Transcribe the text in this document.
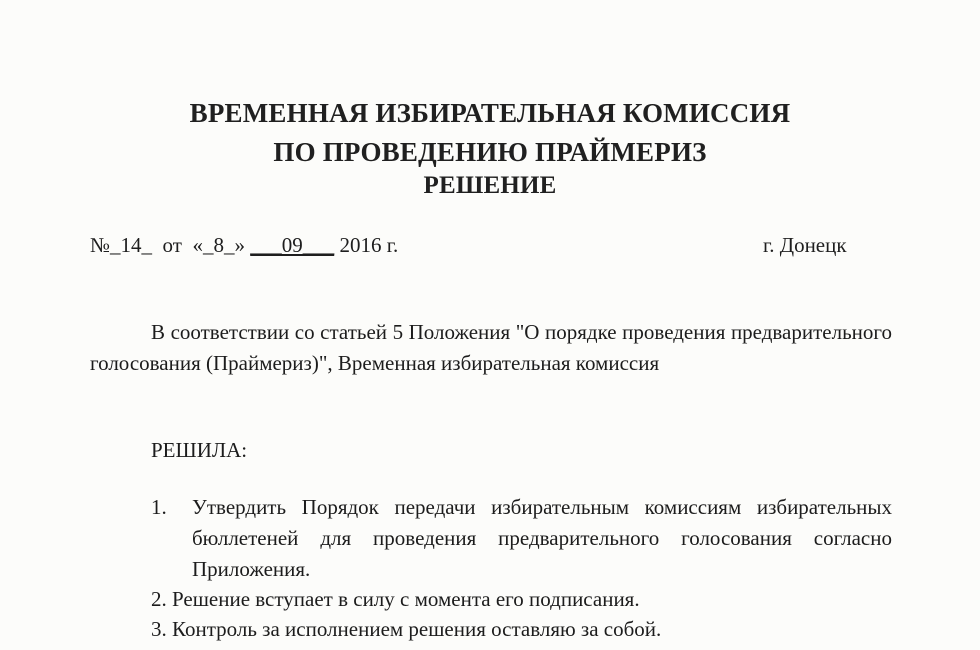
ВРЕМЕННАЯ ИЗБИРАТЕЛЬНАЯ КОМИССИЯ
ПО ПРОВЕДЕНИЮ ПРАЙМЕРИЗ
РЕШЕНИЕ
№_14_  от  «_8_» ___09___ 2016 г.	г. Донецк
В соответствии со статьей 5 Положения "О порядке проведения предварительного голосования (Праймериз)", Временная избирательная комиссия
РЕШИЛА:
1. Утвердить Порядок передачи избирательным комиссиям избирательных бюллетеней для проведения предварительного голосования согласно Приложения.
2. Решение вступает в силу с момента его подписания.
3. Контроль за исполнением решения оставляю за собой.
